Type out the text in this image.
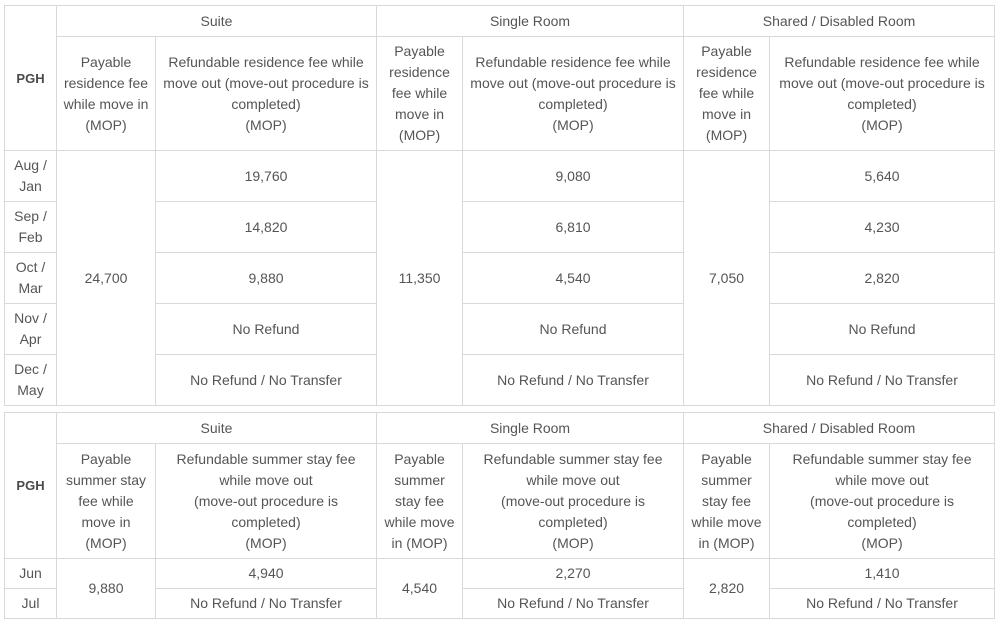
PGH	Suite		Single Room		Shared / Disabled Room	
	Payable
residence fee
while move in
(MOP)	Refundable residence fee while
move out (move-out procedure is
completed)
(MOP)	Payable
residence
fee while
move in
(MOP)	Refundable residence fee while
move out (move-out procedure is
completed)
(MOP)	Payable
residence
fee while
move in
(MOP)	Refundable residence fee while
move out (move-out procedure is
completed)
(MOP)
Aug /
Jan	24,700	19,760	11,350	9,080	7,050	5,640
Sep /
Feb		14,820		6,810		4,230
Oct /
Mar		9,880		4,540		2,820
Nov /
Apr		No Refund		No Refund		No Refund
Dec /
May		No Refund / No Transfer		No Refund / No Transfer		No Refund / No Transfer
PGH	Suite		Single Room		Shared / Disabled Room	
	Payable
summer stay
fee while
move in
(MOP)	Refundable summer stay fee
while move out
(move-out procedure is
completed)
(MOP)	Payable
summer
stay fee
while move
in (MOP)	Refundable summer stay fee
while move out
(move-out procedure is
completed)
(MOP)	Payable
summer
stay fee
while move
in (MOP)	Refundable summer stay fee
while move out
(move-out procedure is
completed)
(MOP)
Jun	9,880	4,940	4,540	2,270	2,820	1,410
Jul		No Refund / No Transfer		No Refund / No Transfer		No Refund / No Transfer
